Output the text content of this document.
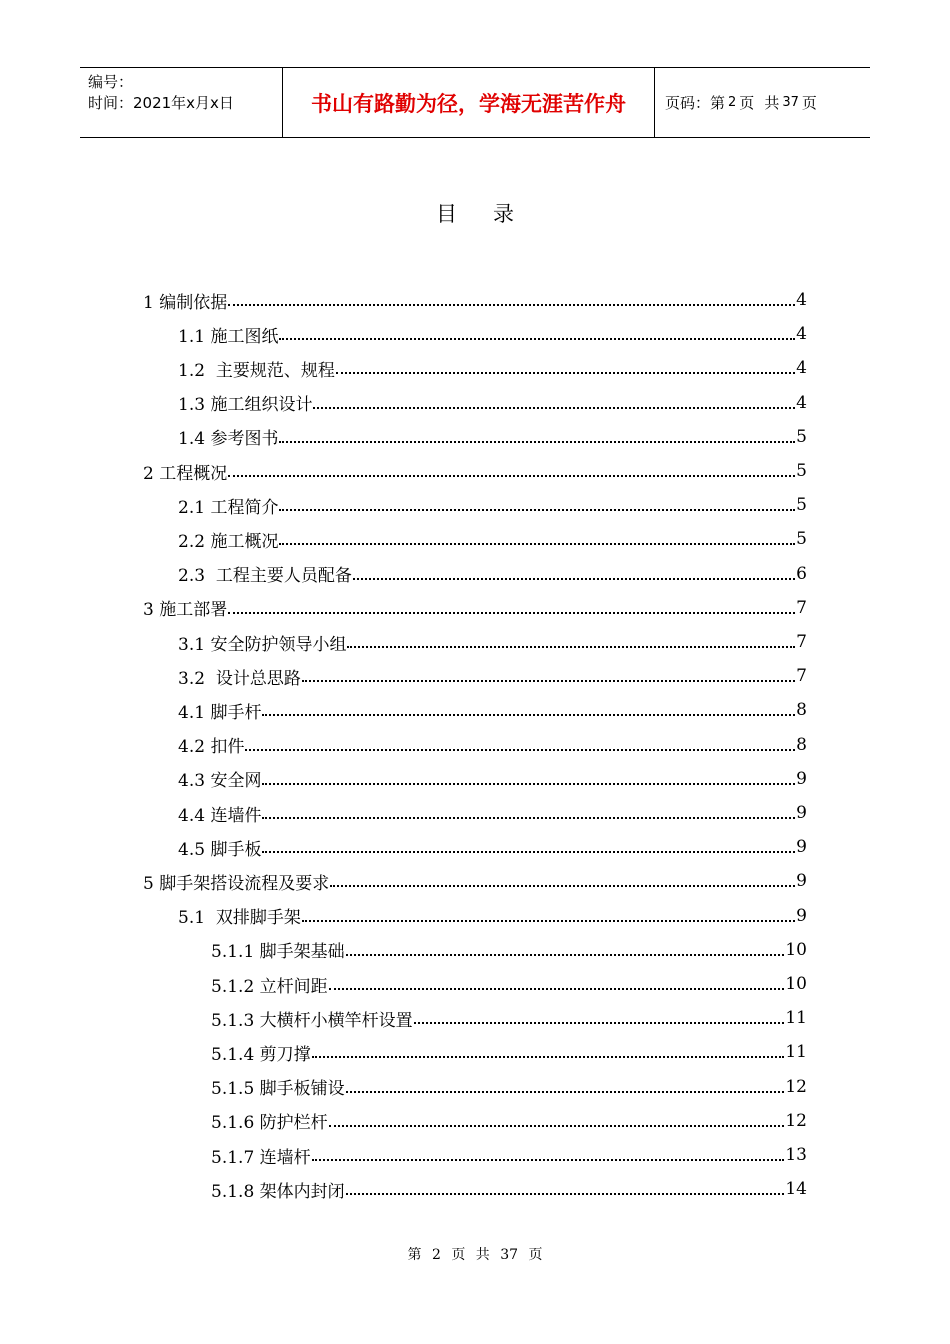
编号：
时间：2021年x月x日	书山有路勤为径，学海无涯苦作舟	页码：第 2 页 共 37 页
目录
1 编制依据	4
1.1 施工图纸	4
1.2  主要规范、规程	4
1.3 施工组织设计	4
1.4 参考图书	5
2 工程概况	5
2.1 工程简介	5
2.2 施工概况	5
2.3  工程主要人员配备	6
3 施工部署	7
3.1 安全防护领导小组	7
3.2  设计总思路	7
4.1 脚手杆	8
4.2 扣件	8
4.3 安全网	9
4.4 连墙件	9
4.5 脚手板	9
5 脚手架搭设流程及要求	9
5.1  双排脚手架	9
5.1.1 脚手架基础	10
5.1.2 立杆间距	10
5.1.3 大横杆小横竿杆设置	11
5.1.4 剪刀撑	11
5.1.5 脚手板铺设	12
5.1.6 防护栏杆	12
5.1.7 连墙杆	13
5.1.8 架体内封闭	14
第 2 页 共 37 页
